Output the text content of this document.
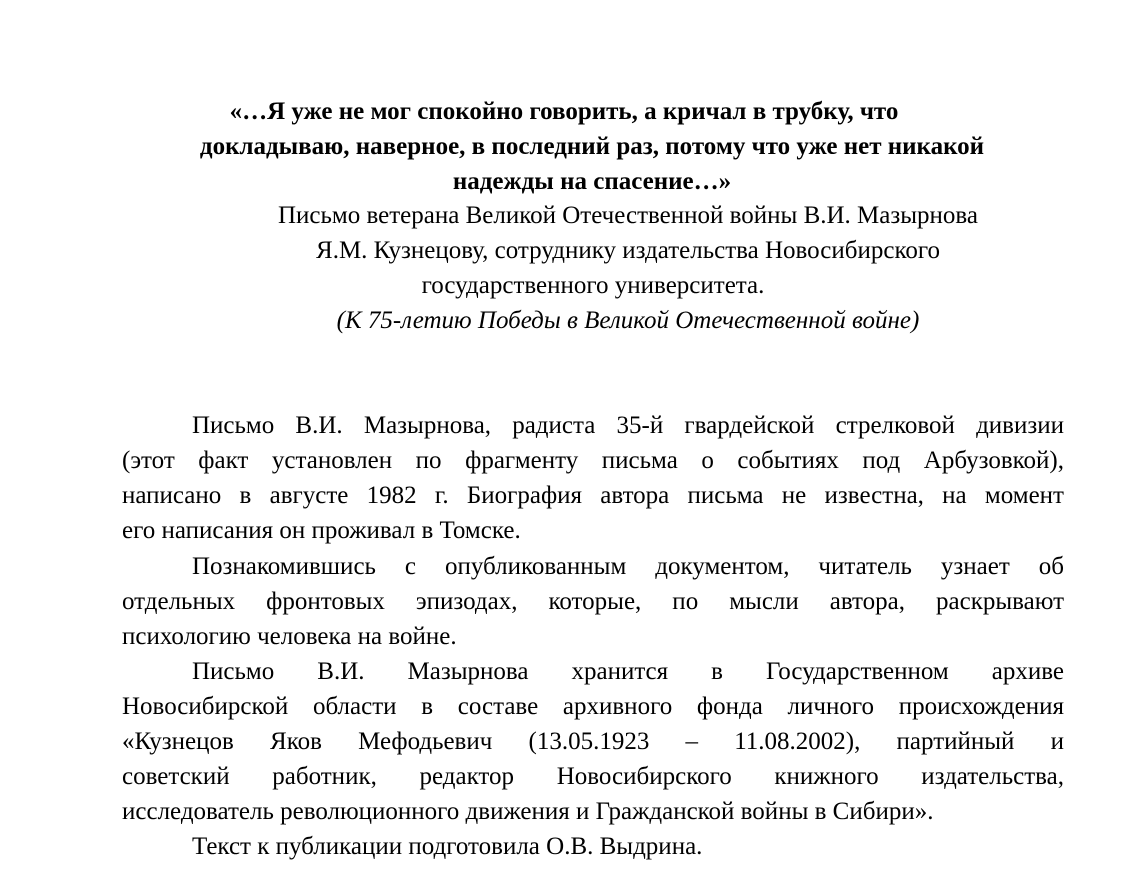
«…Я уже не мог спокойно говорить, а кричал в трубку, что
докладываю, наверное, в последний раз, потому что уже нет никакой
надежды на спасение…»
Письмо ветерана Великой Отечественной войны В.И. Мазырнова
Я.М. Кузнецову, сотруднику издательства Новосибирского
государственного университета.
(К 75-летию Победы в Великой Отечественной войне)
Письмо В.И. Мазырнова, радиста 35-й гвардейской стрелковой дивизии
(этот факт установлен по фрагменту письма о событиях под Арбузовкой),
написано в августе 1982 г. Биография автора письма не известна, на момент
его написания он проживал в Томске.
Познакомившись с опубликованным документом, читатель узнает об
отдельных фронтовых эпизодах, которые, по мысли автора, раскрывают
психологию человека на войне.
Письмо В.И. Мазырнова хранится в Государственном архиве
Новосибирской области в составе архивного фонда личного происхождения
«Кузнецов Яков Мефодьевич (13.05.1923 – 11.08.2002), партийный и
советский работник, редактор Новосибирского книжного издательства,
исследователь революционного движения и Гражданской войны в Сибири».
Текст к публикации подготовила О.В. Выдрина.
